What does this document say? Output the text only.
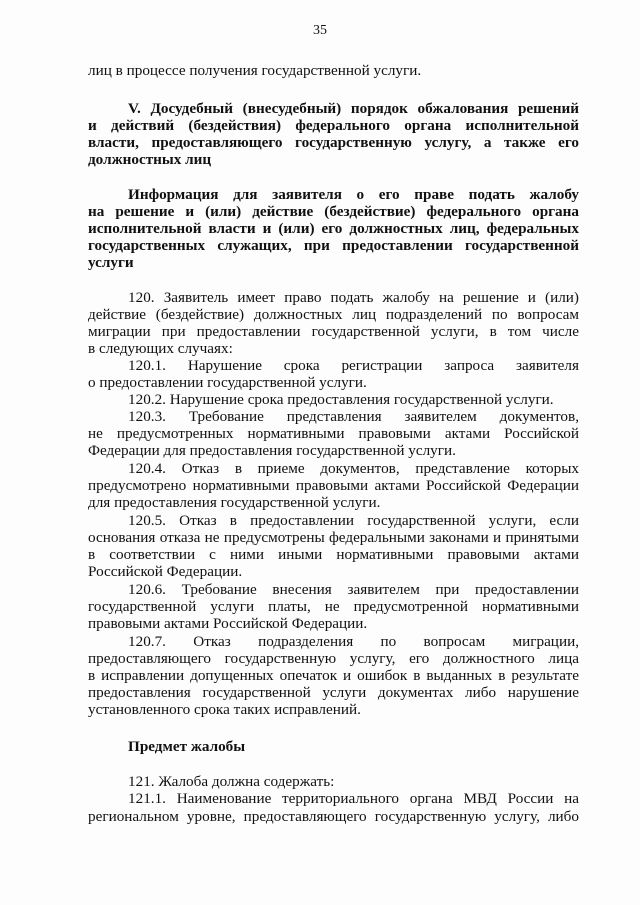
35
лиц в процессе получения государственной услуги.
V. Досудебный (внесудебный) порядок обжалования решений
и действий (бездействия) федерального органа исполнительной
власти, предоставляющего государственную услугу, а также его
должностных лиц
Информация для заявителя о его праве подать жалобу
на решение и (или) действие (бездействие) федерального органа
исполнительной власти и (или) его должностных лиц, федеральных
государственных служащих, при предоставлении государственной
услуги
120. Заявитель имеет право подать жалобу на решение и (или)
действие (бездействие) должностных лиц подразделений по вопросам
миграции при предоставлении государственной услуги, в том числе
в следующих случаях:
120.1. Нарушение срока регистрации запроса заявителя
о предоставлении государственной услуги.
120.2. Нарушение срока предоставления государственной услуги.
120.3. Требование представления заявителем документов,
не предусмотренных нормативными правовыми актами Российской
Федерации для предоставления государственной услуги.
120.4. Отказ в приеме документов, представление которых
предусмотрено нормативными правовыми актами Российской Федерации
для предоставления государственной услуги.
120.5. Отказ в предоставлении государственной услуги, если
основания отказа не предусмотрены федеральными законами и принятыми
в соответствии с ними иными нормативными правовыми актами
Российской Федерации.
120.6. Требование внесения заявителем при предоставлении
государственной услуги платы, не предусмотренной нормативными
правовыми актами Российской Федерации.
120.7. Отказ подразделения по вопросам миграции,
предоставляющего государственную услугу, его должностного лица
в исправлении допущенных опечаток и ошибок в выданных в результате
предоставления государственной услуги документах либо нарушение
установленного срока таких исправлений.
Предмет жалобы
121. Жалоба должна содержать:
121.1. Наименование территориального органа МВД России на
региональном уровне, предоставляющего государственную услугу, либо
